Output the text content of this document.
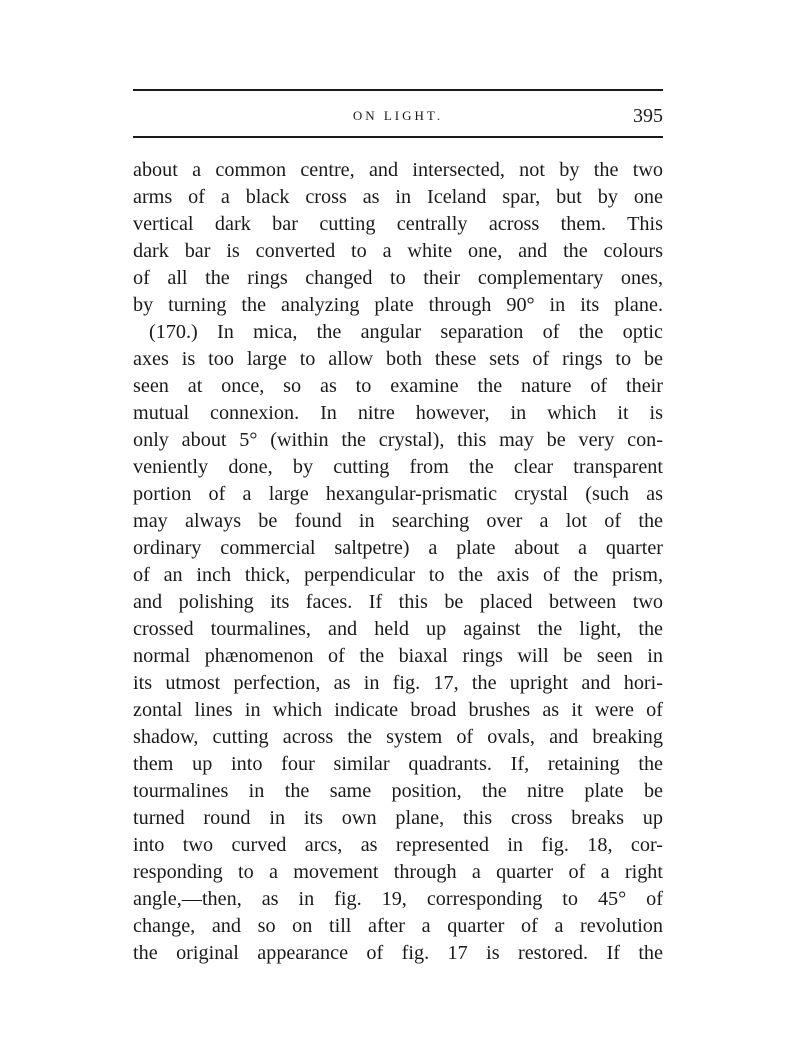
ON LIGHT.	395
about a common centre, and intersected, not by the two
arms of a black cross as in Iceland spar, but by one
vertical dark bar cutting centrally across them. This
dark bar is converted to a white one, and the colours
of all the rings changed to their complementary ones,
by turning the analyzing plate through 90° in its plane.
(170.) In mica, the angular separation of the optic
axes is too large to allow both these sets of rings to be
seen at once, so as to examine the nature of their
mutual connexion. In nitre however, in which it is
only about 5° (within the crystal), this may be very con-
veniently done, by cutting from the clear transparent
portion of a large hexangular-prismatic crystal (such as
may always be found in searching over a lot of the
ordinary commercial saltpetre) a plate about a quarter
of an inch thick, perpendicular to the axis of the prism,
and polishing its faces. If this be placed between two
crossed tourmalines, and held up against the light, the
normal phænomenon of the biaxal rings will be seen in
its utmost perfection, as in fig. 17, the upright and hori-
zontal lines in which indicate broad brushes as it were of
shadow, cutting across the system of ovals, and breaking
them up into four similar quadrants. If, retaining the
tourmalines in the same position, the nitre plate be
turned round in its own plane, this cross breaks up
into two curved arcs, as represented in fig. 18, cor-
responding to a movement through a quarter of a right
angle,—then, as in fig. 19, corresponding to 45° of
change, and so on till after a quarter of a revolution
the original appearance of fig. 17 is restored. If the
